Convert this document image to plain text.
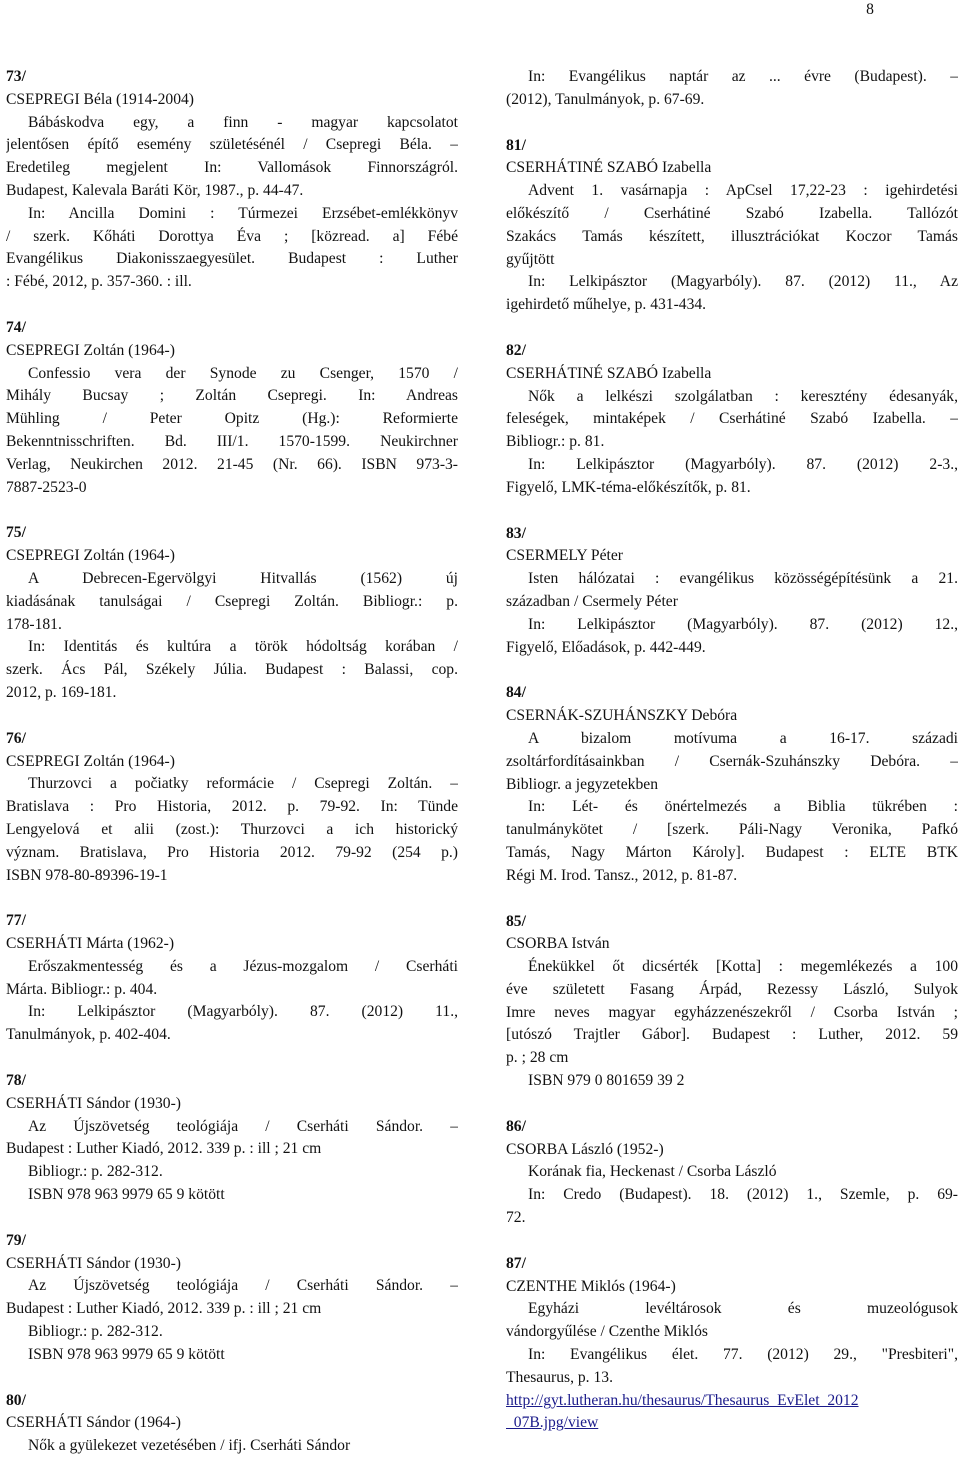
8
73/
CSEPREGI Béla (1914-2004)
Bábáskodva egy, a finn - magyar kapcsolatot
jelentősen építő esemény születésénél / Csepregi Béla. –
Eredetileg megjelent In: Vallomások Finnországról.
Budapest, Kalevala Baráti Kör, 1987., p. 44-47.
In: Ancilla Domini : Túrmezei Erzsébet-emlékkönyv
/ szerk. Kőháti Dorottya Éva ; [közread. a] Fébé
Evangélikus Diakonisszaegyesület. Budapest : Luther
: Fébé, 2012, p. 357-360. : ill.
74/
CSEPREGI Zoltán (1964-)
Confessio vera der Synode zu Csenger, 1570 /
Mihály Bucsay ; Zoltán Csepregi. In: Andreas
Mühling / Peter Opitz (Hg.): Reformierte
Bekenntnisschriften. Bd. III/1. 1570-1599. Neukirchner
Verlag, Neukirchen 2012. 21-45 (Nr. 66). ISBN 973-3-
7887-2523-0
75/
CSEPREGI Zoltán (1964-)
A Debrecen-Egervölgyi Hitvallás (1562) új
kiadásának tanulságai / Csepregi Zoltán. Bibliogr.: p.
178-181.
In: Identitás és kultúra a török hódoltság korában /
szerk. Ács Pál, Székely Júlia. Budapest : Balassi, cop.
2012, p. 169-181.
76/
CSEPREGI Zoltán (1964-)
Thurzovci a počiatky reformácie / Csepregi Zoltán. –
Bratislava : Pro Historia, 2012. p. 79-92. In: Tünde
Lengyelová et alii (zost.): Thurzovci a ich historický
význam. Bratislava, Pro Historia 2012. 79-92 (254 p.)
ISBN 978-80-89396-19-1
77/
CSERHÁTI Márta (1962-)
Erőszakmentesség és a Jézus-mozgalom / Cserháti
Márta. Bibliogr.: p. 404.
In: Lelkipásztor (Magyarbóly). 87. (2012) 11.,
Tanulmányok, p. 402-404.
78/
CSERHÁTI Sándor (1930-)
Az Újszövetség teológiája / Cserháti Sándor. –
Budapest : Luther Kiadó, 2012. 339 p. : ill ; 21 cm
Bibliogr.: p. 282-312.
ISBN 978 963 9979 65 9 kötött
79/
CSERHÁTI Sándor (1930-)
Az Újszövetség teológiája / Cserháti Sándor. –
Budapest : Luther Kiadó, 2012. 339 p. : ill ; 21 cm
Bibliogr.: p. 282-312.
ISBN 978 963 9979 65 9 kötött
80/
CSERHÁTI Sándor (1964-)
Nők a gyülekezet vezetésében / ifj. Cserháti Sándor
In: Evangélikus naptár az ... évre (Budapest). –
(2012), Tanulmányok, p. 67-69.
81/
CSERHÁTINÉ SZABÓ Izabella
Advent 1. vasárnapja : ApCsel 17,22-23 : igehirdetési
előkészítő / Cserhátiné Szabó Izabella. Tallózót
Szakács Tamás készített, illusztrációkat Koczor Tamás
gyűjtött
In: Lelkipásztor (Magyarbóly). 87. (2012) 11., Az
igehirdető műhelye, p. 431-434.
82/
CSERHÁTINÉ SZABÓ Izabella
Nők a lelkészi szolgálatban : keresztény édesanyák,
feleségek, mintaképek / Cserhátiné Szabó Izabella. –
Bibliogr.: p. 81.
In: Lelkipásztor (Magyarbóly). 87. (2012) 2-3.,
Figyelő, LMK-téma-előkészítők, p. 81.
83/
CSERMELY Péter
Isten hálózatai : evangélikus közösségépítésünk a 21.
században / Csermely Péter
In: Lelkipásztor (Magyarbóly). 87. (2012) 12.,
Figyelő, Előadások, p. 442-449.
84/
CSERNÁK-SZUHÁNSZKY Debóra
A bizalom motívuma a 16-17. századi
zsoltárfordításainkban / Csernák-Szuhánszky Debóra. –
Bibliogr. a jegyzetekben
In: Lét- és önértelmezés a Biblia tükrében :
tanulmánykötet / [szerk. Páli-Nagy Veronika, Pafkó
Tamás, Nagy Márton Károly]. Budapest : ELTE BTK
Régi M. Irod. Tansz., 2012, p. 81-87.
85/
CSORBA István
Énekükkel őt dicsérték [Kotta] : megemlékezés a 100
éve született Fasang Árpád, Rezessy László, Sulyok
Imre neves magyar egyházzenészekről / Csorba István ;
[utószó Trajtler Gábor]. Budapest : Luther, 2012. 59
p. ; 28 cm
ISBN 979 0 801659 39 2
86/
CSORBA László (1952-)
Korának fia, Heckenast / Csorba László
In: Credo (Budapest). 18. (2012) 1., Szemle, p. 69-
72.
87/
CZENTHE Miklós (1964-)
Egyházi levéltárosok és muzeológusok
vándorgyűlése / Czenthe Miklós
In: Evangélikus élet. 77. (2012) 29., "Presbiteri",
Thesaurus, p. 13.
http://gyt.lutheran.hu/thesaurus/Thesaurus_EvElet_2012
_07B.jpg/view
